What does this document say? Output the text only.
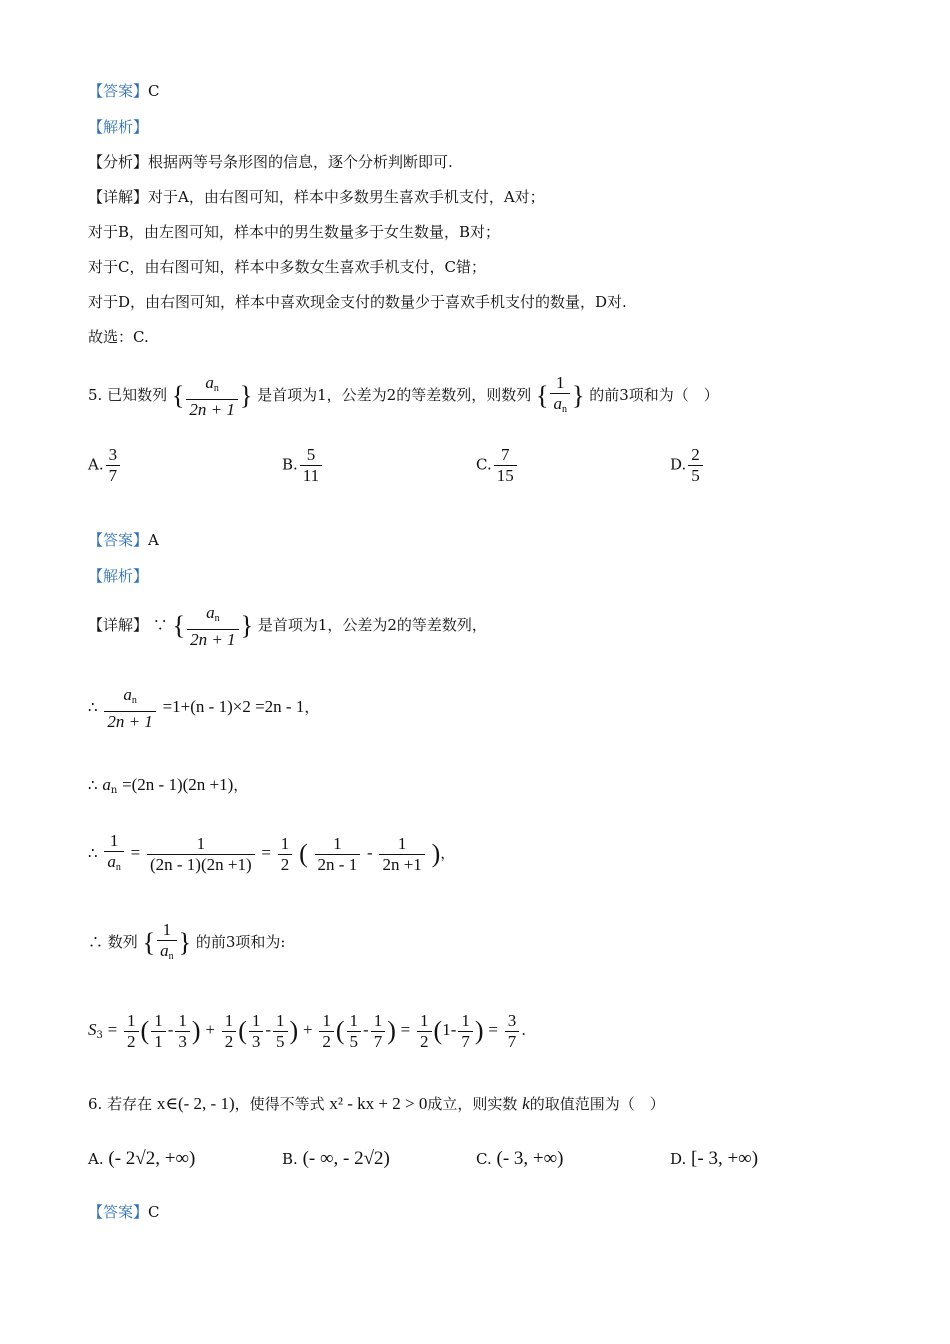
【答案】C
【解析】
【分析】根据两等号条形图的信息，逐个分析判断即可.
【详解】对于A，由右图可知，样本中多数男生喜欢手机支付，A对；
对于B，由左图可知，样本中的男生数量多于女生数量，B对；
对于C，由右图可知，样本中多数女生喜欢手机支付，C错；
对于D，由右图可知，样本中喜欢现金支付的数量少于喜欢手机支付的数量，D对.
故选：C.
5. 已知数列 { $\frac{a_n}{2n + 1}$ } 是首项为1，公差为2的等差数列，则数列 { $\frac{1}{a_n}$ } 的前3项和为（　）
A. $\frac{3}{7}$	B. $\frac{5}{11}$	C. $\frac{7}{15}$	D. $\frac{2}{5}$
【答案】A
【解析】
【详解】 ∵ { $\frac{a_n}{2n + 1}$ } 是首项为1，公差为2的等差数列，
∴ $\frac{a_n}{2n + 1} =1+(n - 1)\times 2 =2n - 1$，
∴ $a_n =(2n - 1)(2n +1)$，
∴ $\frac{1}{a_n} = \frac{1}{(2n - 1)(2n +1)} = \frac{1}{2}$ ( $\frac{1}{2n - 1} - \frac{1}{2n +1}$ )，
∴ 数列 { $\frac{1}{a_n}$ } 的前3项和为:
$S_3 = \frac{1}{2}$ ( $\frac{1}{1} - \frac{1}{3}$ ) + $\frac{1}{2}$ ( $\frac{1}{3} - \frac{1}{5}$ ) + $\frac{1}{2}$ ( $\frac{1}{5} - \frac{1}{7}$ ) = $\frac{1}{2} (1- \frac{1}{7}$ ) = $\frac{3}{7}$ .
6. 若存在 x∈(- 2, - 1)，使得不等式 x² - kx + 2 > 0成立，则实数 k的取值范围为（　）
A. (- 2√2, +∞)	B. (- ∞, - 2√2)	C. (- 3, +∞)	D. [- 3, +∞)
【答案】C
